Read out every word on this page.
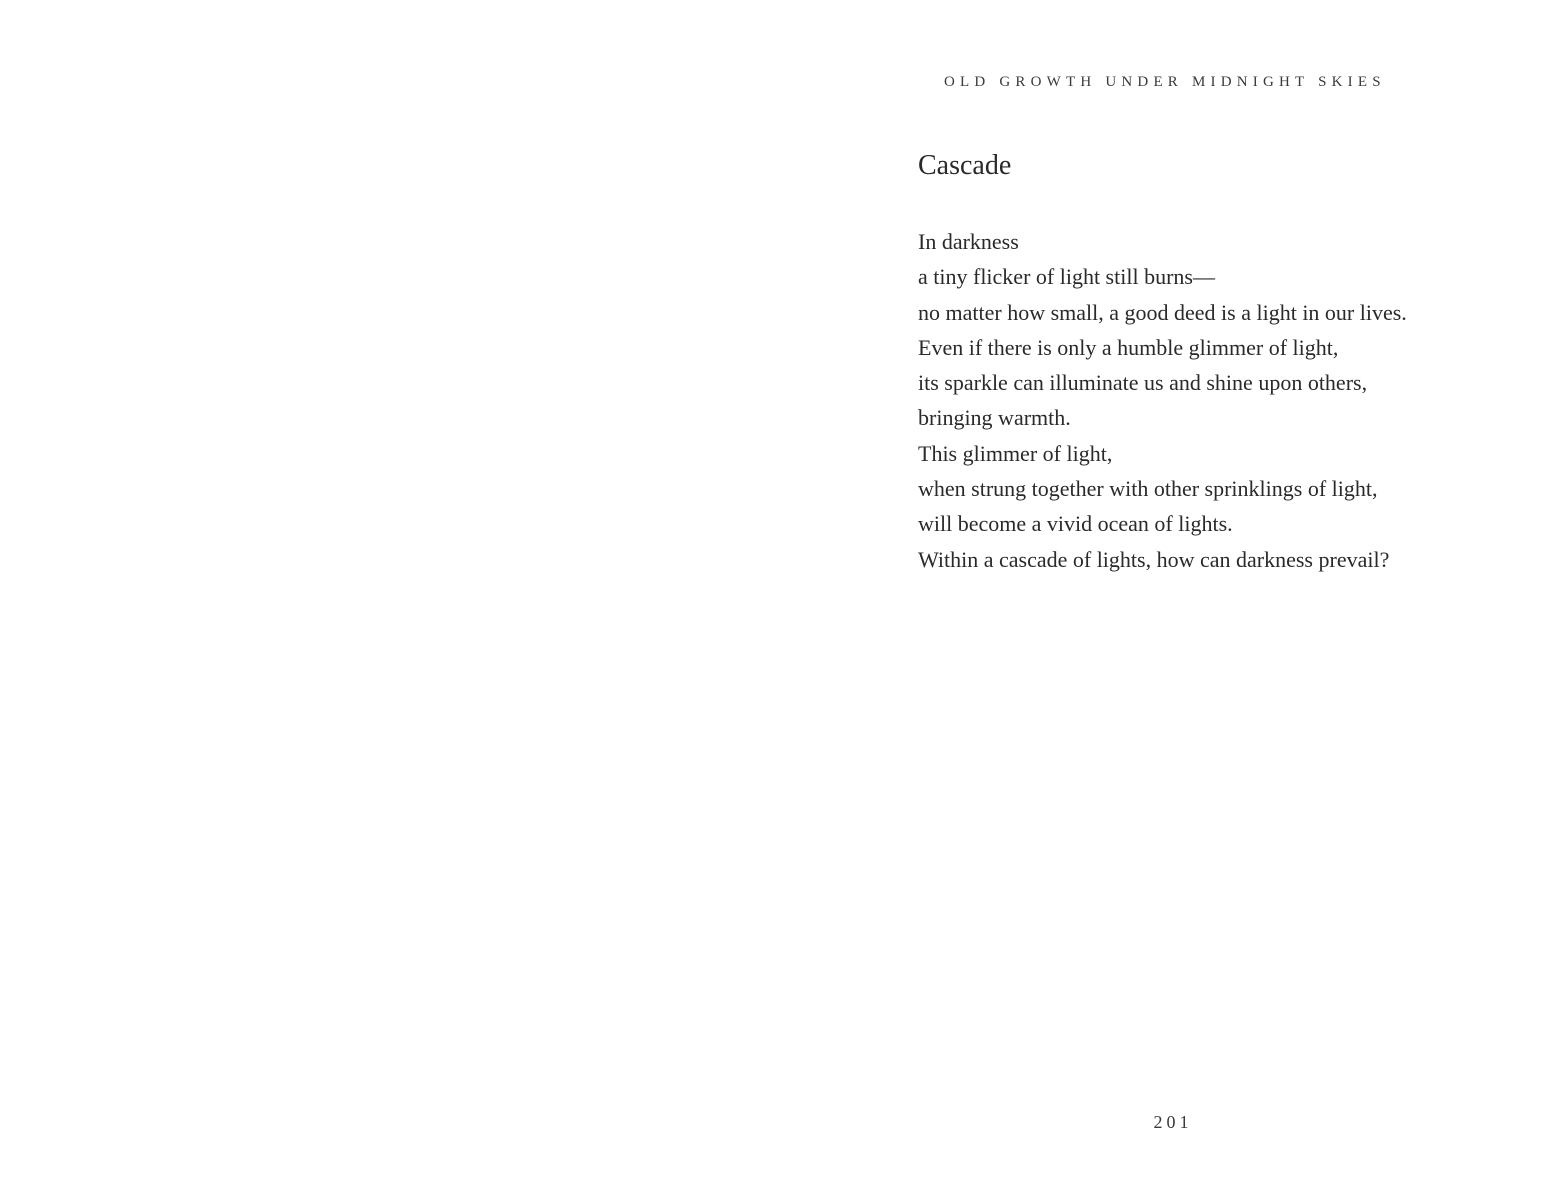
OLD GROWTH UNDER MIDNIGHT SKIES
Cascade
In darkness
a tiny flicker of light still burns—
no matter how small, a good deed is a light in our lives.
Even if there is only a humble glimmer of light,
its sparkle can illuminate us and shine upon others,
bringing warmth.
This glimmer of light,
when strung together with other sprinklings of light,
will become a vivid ocean of lights.
Within a cascade of lights, how can darkness prevail?
201
